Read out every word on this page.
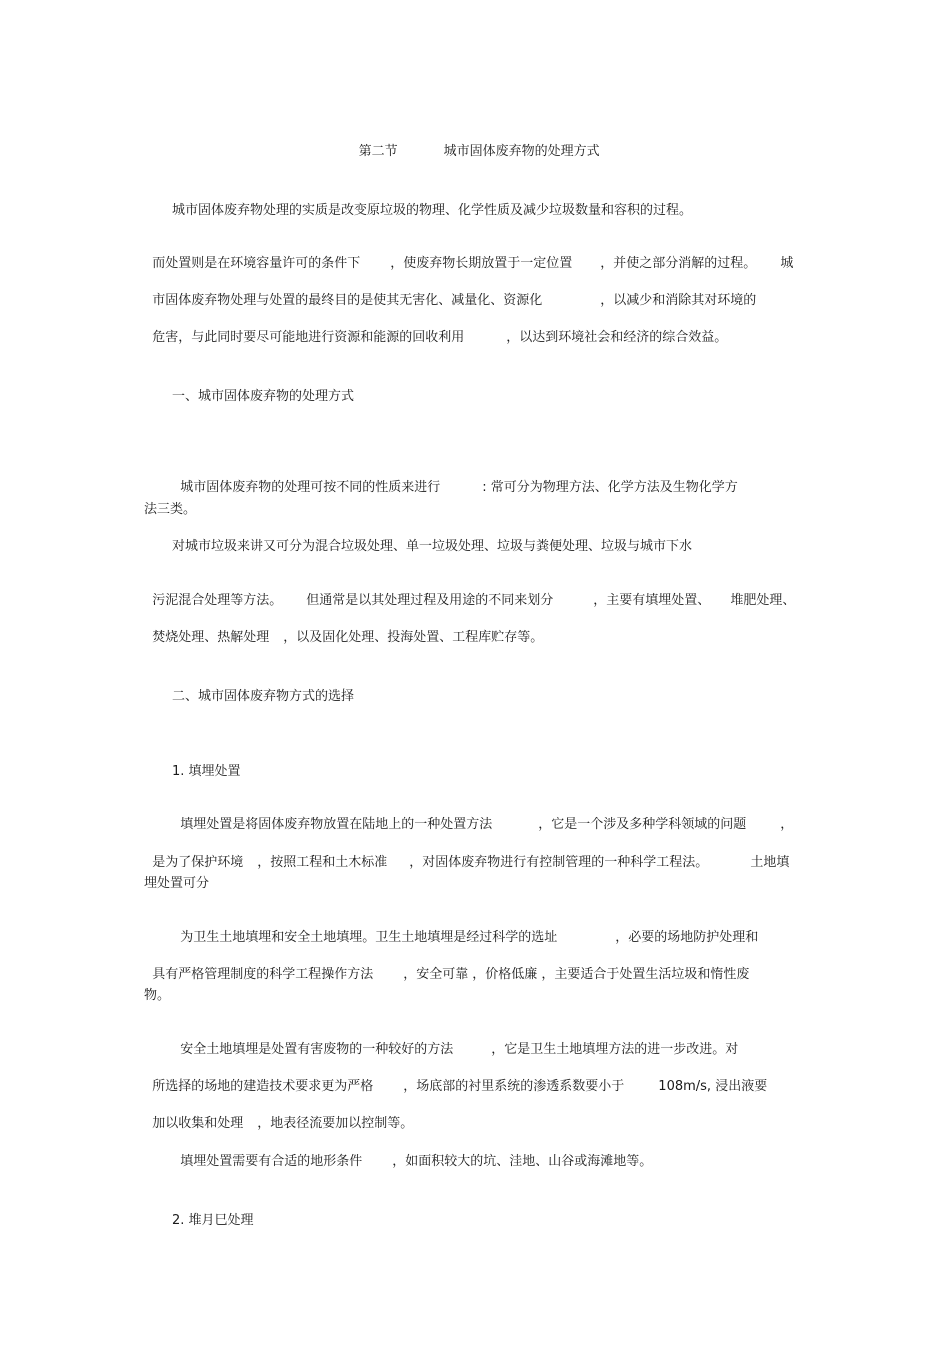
第二节	城市固体废弃物的处理方式

城市固体废弃物处理的实质是改变原垃圾的物理、化学性质及减少垃圾数量和容积的过程。

而处置则是在环境容量许可的条件下 ，使废弃物长期放置于一定位置 ，并使之部分消解的过程。 城

市固体废弃物处理与处置的最终目的是使其无害化、减量化、资源化	，以减少和消除其对环境的

危害，与此同时要尽可能地进行资源和能源的回收利用	，以达到环境社会和经济的综合效益。

一、城市固体废弃物的处理方式

城市固体废弃物的处理可按不同的性质来进行	: 常可分为物理方法、化学方法及生物化学方

法三类。
对城市垃圾来讲又可分为混合垃圾处理、单一垃圾处理、垃圾与粪便处理、垃圾与城市下水

污泥混合处理等方法。 但通常是以其处理过程及用途的不同来划分	，主要有填埋处置、 堆肥处理、

焚烧处理、热解处理 ，以及固化处理、投海处置、工程库贮存等。

二、城市固体废弃物方式的选择
1. 填埋处置

填埋处置是将固体废弃物放置在陆地上的一种处置方法	，它是一个涉及多种学科领域的问题	，

是为了保护环境 ，按照工程和土木标准 ，对固体废弃物进行有控制管理的一种科学工程法。	土地填

埋处置可分

为卫生土地填埋和安全土地填埋。卫生土地填埋是经过科学的选址	，必要的场地防护处理和

具有严格管理制度的科学工程操作方法 ，安全可靠 ，价格低廉 ，主要适合于处置生活垃圾和惰性废

物。

安全土地填埋是处置有害废物的一种较好的方法	，它是卫生土地填埋方法的进一步改进。对

所选择的场地的建造技术要求更为严格 ，场底部的衬里系统的渗透系数要小于	108m/s, 浸出液要

加以收集和处理 ，地表径流要加以控制等。

填埋处置需要有合适的地形条件 ，如面积较大的坑、洼地、山谷或海滩地等。

2. 堆月巳处理
